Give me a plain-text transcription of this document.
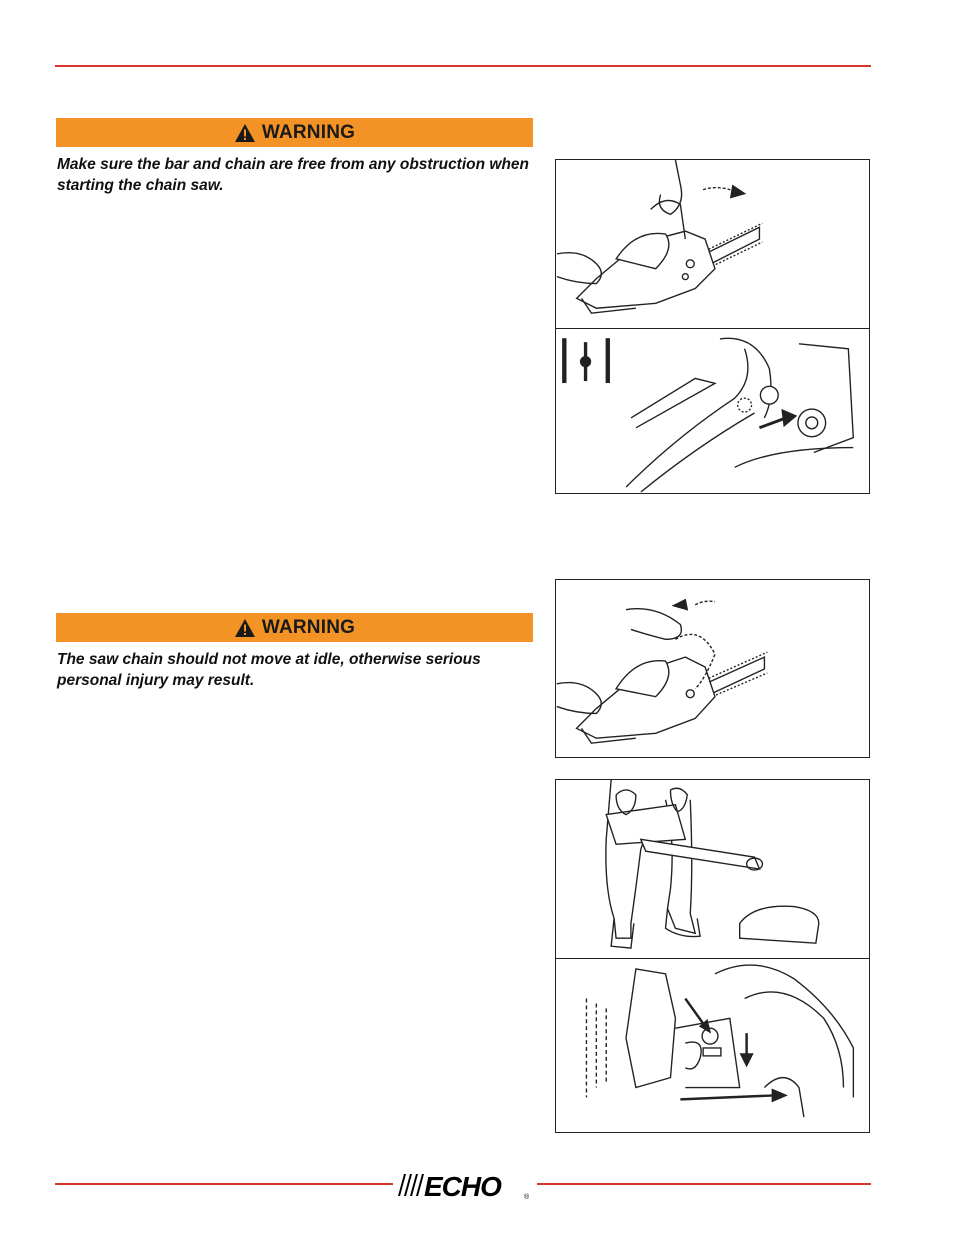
WARNING
Make sure the bar and chain are free from any obstruction when starting the chain saw.
WARNING
The saw chain should not move at idle, otherwise serious personal injury may result.
ECHO	®
